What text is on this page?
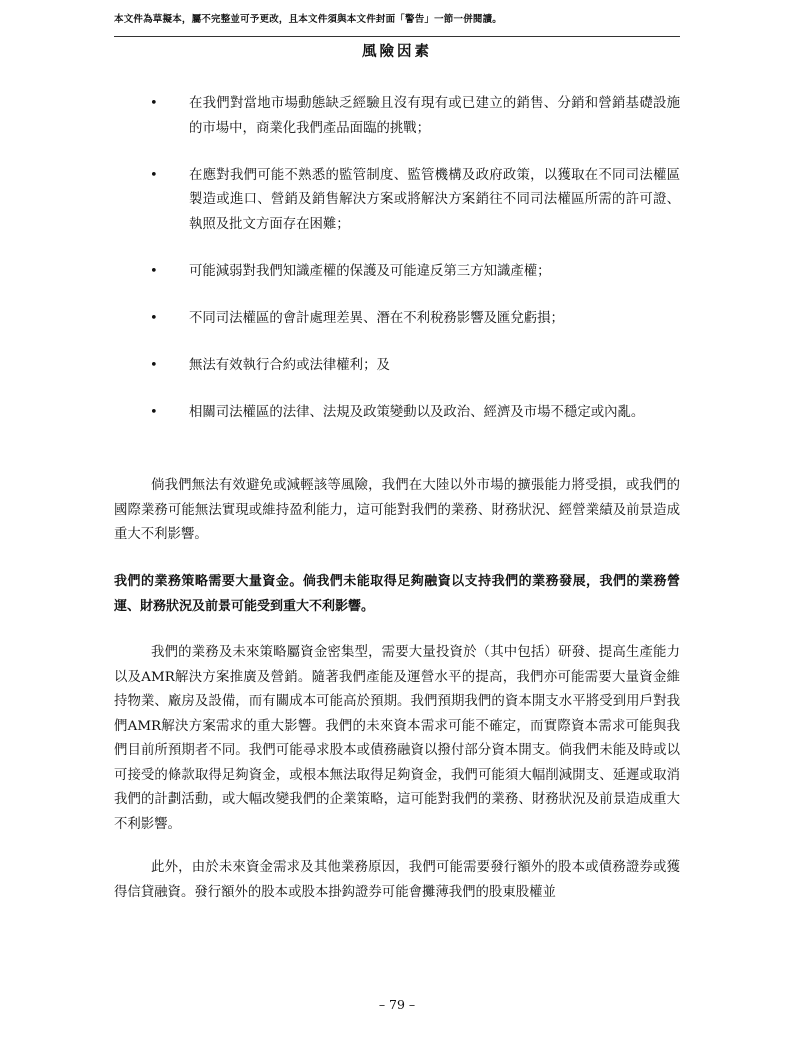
本文件為草擬本，屬不完整並可予更改，且本文件須與本文件封面「警告」一節一併閱讀。
風險因素
• 在我們對當地市場動態缺乏經驗且沒有現有或已建立的銷售、分銷和營銷基礎設施的市場中，商業化我們產品面臨的挑戰；
• 在應對我們可能不熟悉的監管制度、監管機構及政府政策，以獲取在不同司法權區製造或進口、營銷及銷售解決方案或將解決方案銷往不同司法權區所需的許可證、執照及批文方面存在困難；
• 可能減弱對我們知識產權的保護及可能違反第三方知識產權；
• 不同司法權區的會計處理差異、潛在不利稅務影響及匯兌虧損；
• 無法有效執行合約或法律權利；及
• 相關司法權區的法律、法規及政策變動以及政治、經濟及市場不穩定或內亂。

倘我們無法有效避免或減輕該等風險，我們在大陸以外市場的擴張能力將受損，或我們的國際業務可能無法實現或維持盈利能力，這可能對我們的業務、財務狀況、經營業績及前景造成重大不利影響。

我們的業務策略需要大量資金。倘我們未能取得足夠融資以支持我們的業務發展，我們的業務營運、財務狀況及前景可能受到重大不利影響。

我們的業務及未來策略屬資金密集型，需要大量投資於（其中包括）研發、提高生產能力以及AMR解決方案推廣及營銷。隨著我們產能及運營水平的提高，我們亦可能需要大量資金維持物業、廠房及設備，而有關成本可能高於預期。我們預期我們的資本開支水平將受到用戶對我們AMR解決方案需求的重大影響。我們的未來資本需求可能不確定，而實際資本需求可能與我們目前所預期者不同。我們可能尋求股本或債務融資以撥付部分資本開支。倘我們未能及時或以可接受的條款取得足夠資金，或根本無法取得足夠資金，我們可能須大幅削減開支、延遲或取消我們的計劃活動，或大幅改變我們的企業策略，這可能對我們的業務、財務狀況及前景造成重大不利影響。

此外，由於未來資金需求及其他業務原因，我們可能需要發行額外的股本或債務證券或獲得信貸融資。發行額外的股本或股本掛鈎證券可能會攤薄我們的股東股權並

– 79 –
